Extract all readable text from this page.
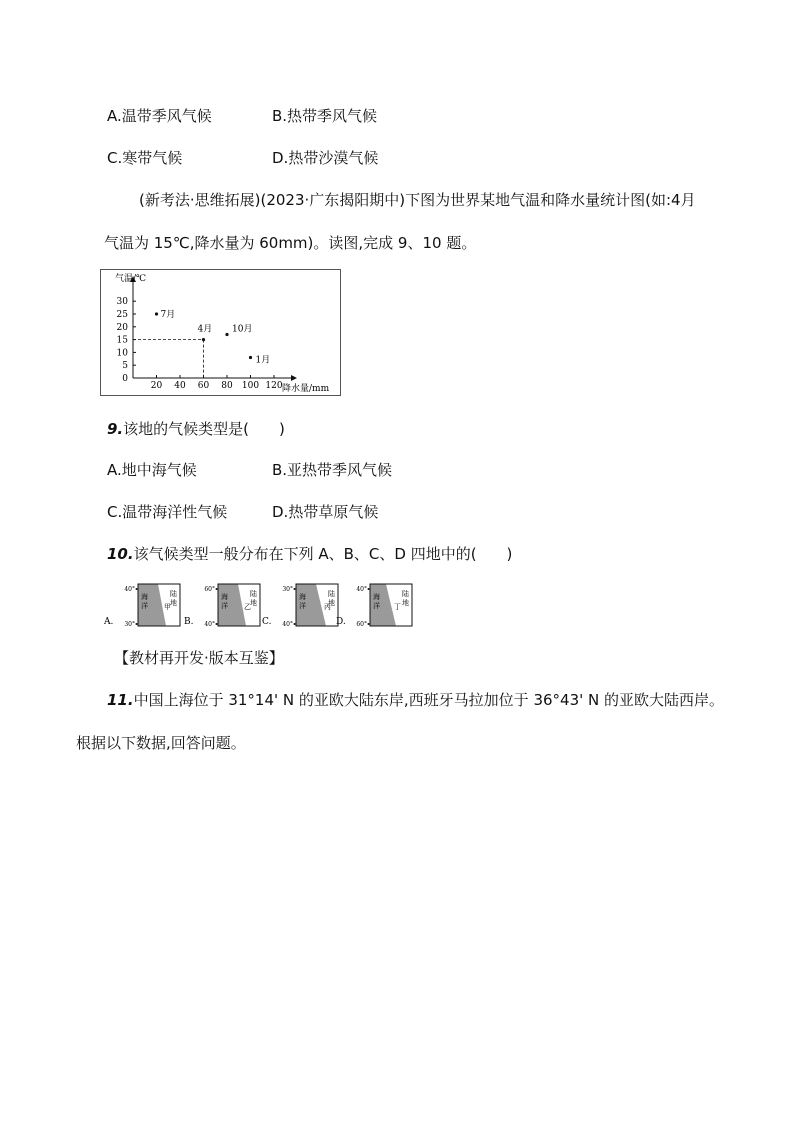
A.温带季风气候	B.热带季风气候
C.寒带气候	D.热带沙漠气候
(新考法·思维拓展)(2023·广东揭阳期中)下图为世界某地气温和降水量统计图(如:4月
气温为 15℃,降水量为 60mm)。读图,完成 9、10 题。
气温/℃
降水量/mm
20 40 60 80 100 120
0
5
10
15
20
25
30
7月
4月 10月
1月
9.该地的气候类型是(　　)
A.地中海气候	B.亚热带季风气候
C.温带海洋性气候	D.热带草原气候
10.该气候类型一般分布在下列 A、B、C、D 四地中的(　　)
A.
40°
30°
海
洋
陆
地
甲
B.
60°
40°
海
洋
陆
地
乙
C.
30°
40°
海
洋
陆
地
丙
D.
40°
60°
海
洋
陆
地
丁
【教材再开发·版本互鉴】
11.中国上海位于 31°14' N 的亚欧大陆东岸,西班牙马拉加位于 36°43' N 的亚欧大陆西岸。
根据以下数据,回答问题。
